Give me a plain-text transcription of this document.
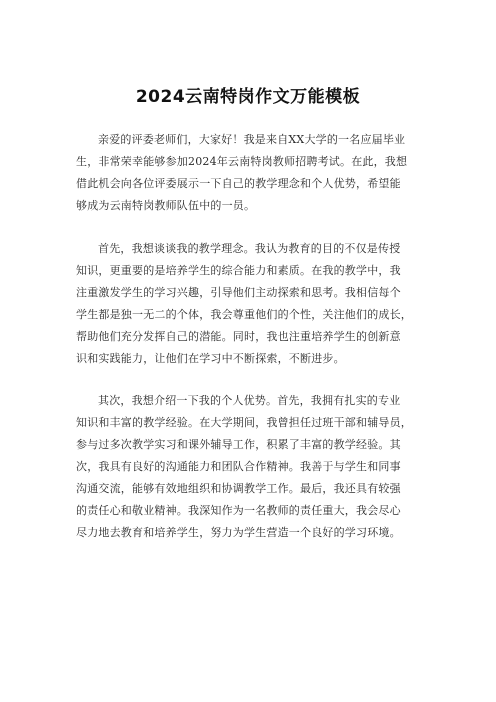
2024云南特岗作文万能模板
亲爱的评委老师们，大家好！我是来自XX大学的一名应届毕业
生，非常荣幸能够参加2024年云南特岗教师招聘考试。在此，我想
借此机会向各位评委展示一下自己的教学理念和个人优势，希望能
够成为云南特岗教师队伍中的一员。
首先，我想谈谈我的教学理念。我认为教育的目的不仅是传授
知识，更重要的是培养学生的综合能力和素质。在我的教学中，我
注重激发学生的学习兴趣，引导他们主动探索和思考。我相信每个
学生都是独一无二的个体，我会尊重他们的个性，关注他们的成长，
帮助他们充分发挥自己的潜能。同时，我也注重培养学生的创新意
识和实践能力，让他们在学习中不断探索，不断进步。
其次，我想介绍一下我的个人优势。首先，我拥有扎实的专业
知识和丰富的教学经验。在大学期间，我曾担任过班干部和辅导员，
参与过多次教学实习和课外辅导工作，积累了丰富的教学经验。其
次，我具有良好的沟通能力和团队合作精神。我善于与学生和同事
沟通交流，能够有效地组织和协调教学工作。最后，我还具有较强
的责任心和敬业精神。我深知作为一名教师的责任重大，我会尽心
尽力地去教育和培养学生，努力为学生营造一个良好的学习环境。
